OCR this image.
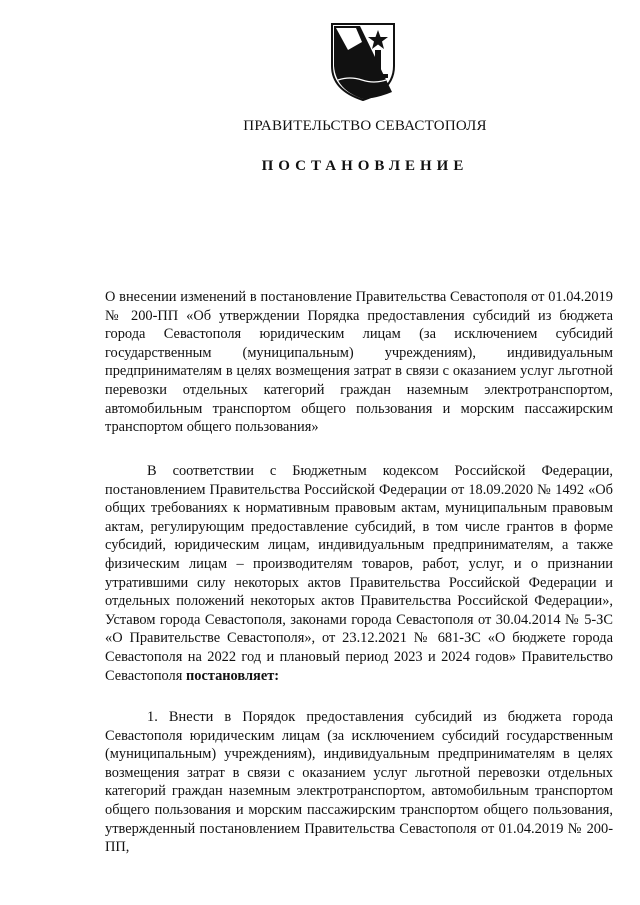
ПРАВИТЕЛЬСТВО СЕВАСТОПОЛЯ
ПОСТАНОВЛЕНИЕ
О внесении изменений в постановление Правительства Севастополя от 01.04.2019 № 200-ПП «Об утверждении Порядка предоставления субсидий из бюджета города Севастополя юридическим лицам (за исключением субсидий государственным (муниципальным) учреждениям), индивидуальным предпринимателям в целях возмещения затрат в связи с оказанием услуг льготной перевозки отдельных категорий граждан наземным электротранспортом, автомобильным транспортом общего пользования и морским пассажирским транспортом общего пользования»
В соответствии с Бюджетным кодексом Российской Федерации, постановлением Правительства Российской Федерации от 18.09.2020 № 1492 «Об общих требованиях к нормативным правовым актам, муниципальным правовым актам, регулирующим предоставление субсидий, в том числе грантов в форме субсидий, юридическим лицам, индивидуальным предпринимателям, а также физическим лицам – производителям товаров, работ, услуг, и о признании утратившими силу некоторых актов Правительства Российской Федерации и отдельных положений некоторых актов Правительства Российской Федерации», Уставом города Севастополя, законами города Севастополя от 30.04.2014 № 5-ЗС «О Правительстве Севастополя», от 23.12.2021 № 681-ЗС «О бюджете города Севастополя на 2022 год и плановый период 2023 и 2024 годов» Правительство Севастополя постановляет:
1. Внести в Порядок предоставления субсидий из бюджета города Севастополя юридическим лицам (за исключением субсидий государственным (муниципальным) учреждениям), индивидуальным предпринимателям в целях возмещения затрат в связи с оказанием услуг льготной перевозки отдельных категорий граждан наземным электротранспортом, автомобильным транспортом общего пользования и морским пассажирским транспортом общего пользования, утвержденный постановлением Правительства Севастополя от 01.04.2019 № 200-ПП,
